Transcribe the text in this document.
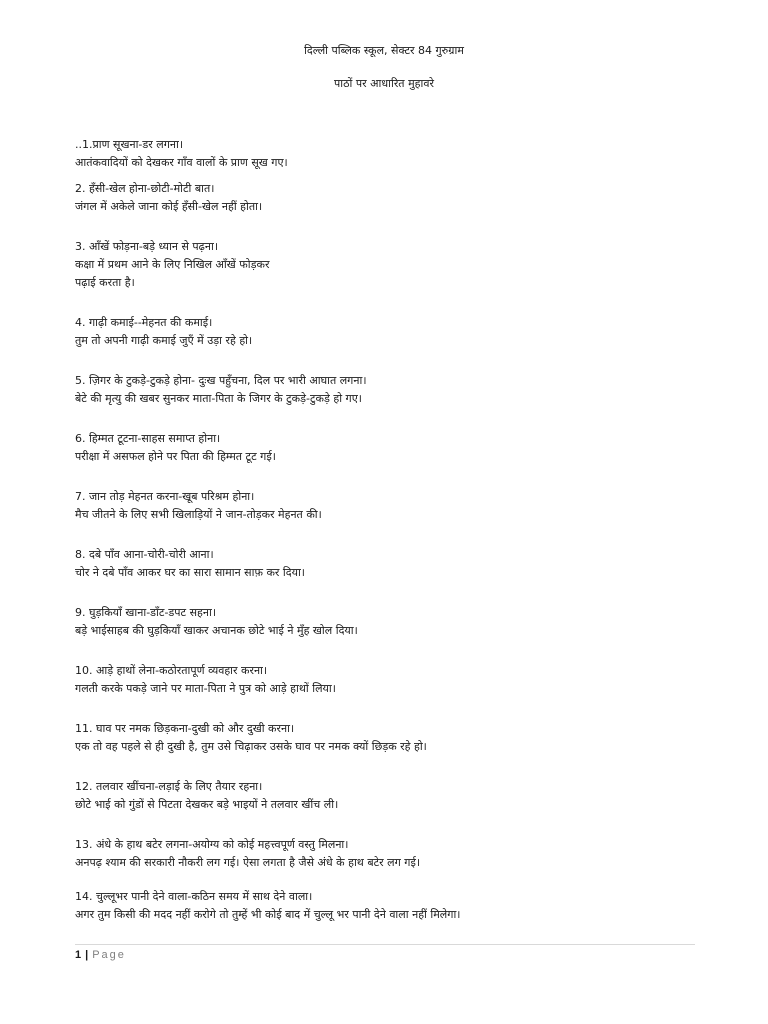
दिल्ली पब्लिक स्कूल, सेक्टर 84 गुरुग्राम
पाठों पर आधारित मुहावरे
..1.प्राण सूखना-डर लगना।
आतंकवादियों को देखकर गाँव वालों के प्राण सूख गए।
2. हँसी-खेल होना-छोटी-मोटी बात।
जंगल में अकेले जाना कोई हँसी-खेल नहीं होता।
3. आँखें फोड़ना-बड़े ध्यान से पढ़ना।
कक्षा में प्रथम आने के लिए निखिल आँखें फोड़कर
पढ़ाई करता है।
4. गाढ़ी कमाई--मेहनत की कमाई।
तुम तो अपनी गाढ़ी कमाई जुएँ में उड़ा रहे हो।
5. ज़िगर के टुकड़े-टुकड़े होना- दुःख पहुँचना, दिल पर भारी आघात लगना।
बेटे की मृत्यु की खबर सुनकर माता-पिता के जिगर के टुकड़े-टुकड़े हो गए।
6. हिम्मत टूटना-साहस समाप्त होना।
परीक्षा में असफल होने पर पिता की हिम्मत टूट गई।
7. जान तोड़ मेहनत करना-खूब परिश्रम होना।
मैच जीतने के लिए सभी खिलाड़ियों ने जान-तोड़कर मेहनत की।
8. दबे पाँव आना-चोरी-चोरी आना।
चोर ने दबे पाँव आकर घर का सारा सामान साफ़ कर दिया।
9. घुड़कियाँ खाना-डाँट-डपट सहना।
बड़े भाईसाहब की घुड़कियाँ खाकर अचानक छोटे भाई ने मुँह खोल दिया।
10. आड़े हाथों लेना-कठोरतापूर्ण व्यवहार करना।
गलती करके पकड़े जाने पर माता-पिता ने पुत्र को आड़े हाथों लिया।
11. घाव पर नमक छिड़कना-दुखी को और दुखी करना।
एक तो वह पहले से ही दुखी है, तुम उसे चिढ़ाकर उसके घाव पर नमक क्यों छिड़क रहे हो।
12. तलवार खींचना-लड़ाई के लिए तैयार रहना।
छोटे भाई को गुंडों से पिटता देखकर बड़े भाइयों ने तलवार खींच ली।
13. अंधे के हाथ बटेर लगना-अयोग्य को कोई महत्त्वपूर्ण वस्तु मिलना।
अनपढ़ श्याम की सरकारी नौकरी लग गई। ऐसा लगता है जैसे अंधे के हाथ बटेर लग गई।
14. चुल्लूभर पानी देने वाला-कठिन समय में साथ देने वाला।
अगर तुम किसी की मदद नहीं करोगे तो तुम्हें भी कोई बाद में चुल्लू भर पानी देने वाला नहीं मिलेगा।
1 | Page
